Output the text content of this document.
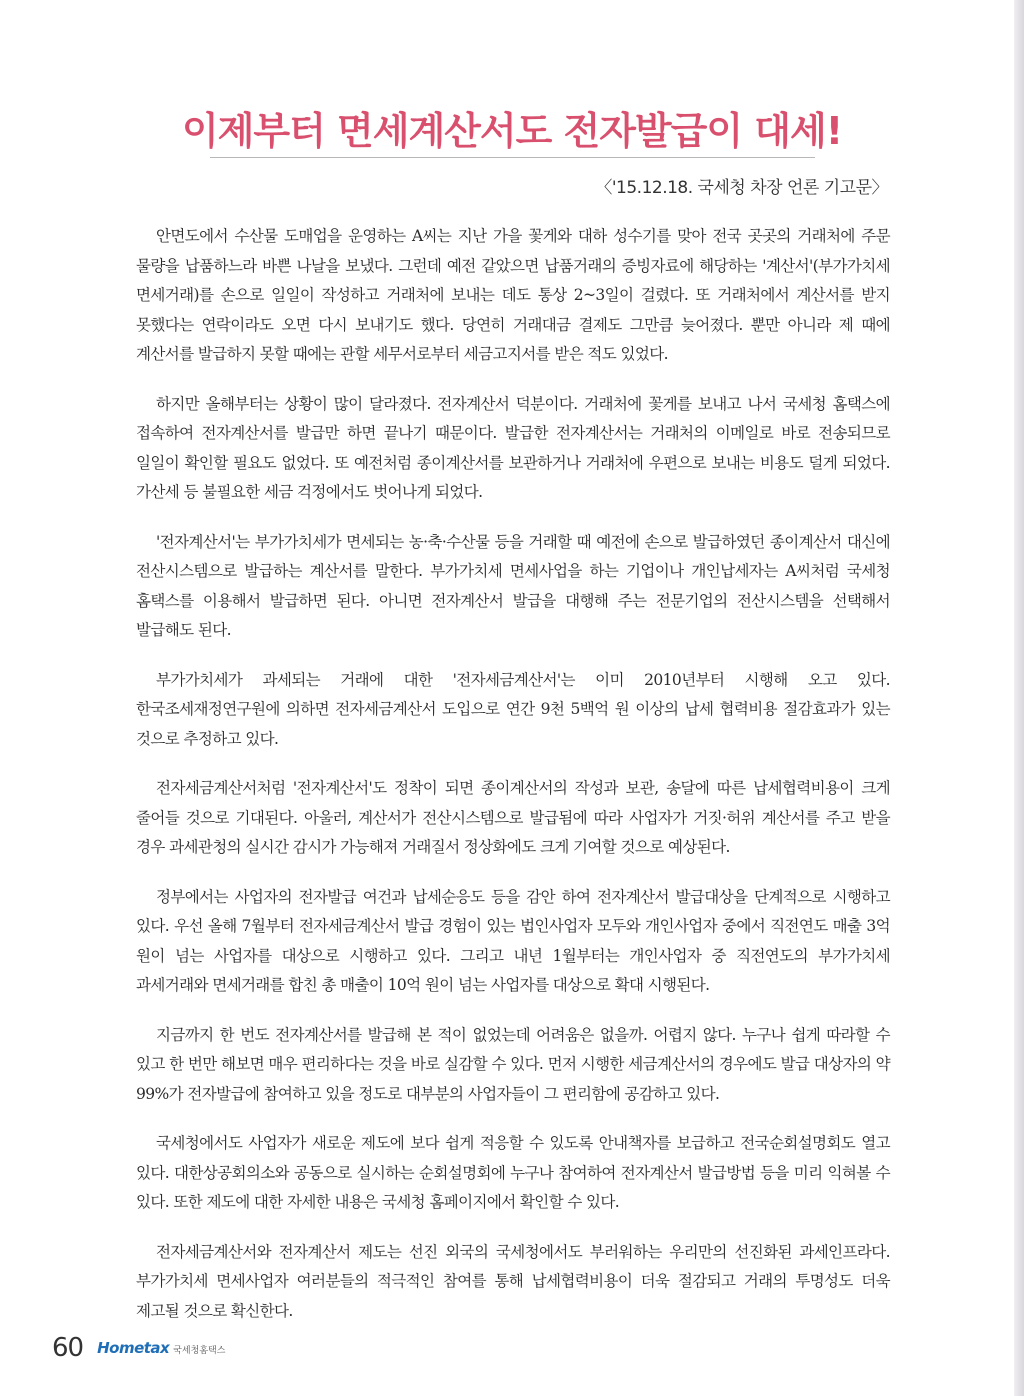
이제부터 면세계산서도 전자발급이 대세!
〈'15.12.18. 국세청 차장 언론 기고문〉

안면도에서 수산물 도매업을 운영하는 A씨는 지난 가을 꽃게와 대하 성수기를 맞아 전국 곳곳의 거래처에 주문 물량을 납품하느라 바쁜 나날을 보냈다. 그런데 예전 같았으면 납품거래의 증빙자료에 해당하는 '계산서'(부가가치세 면세거래)를 손으로 일일이 작성하고 거래처에 보내는 데도 통상 2~3일이 걸렸다. 또 거래처에서 계산서를 받지 못했다는 연락이라도 오면 다시 보내기도 했다. 당연히 거래대금 결제도 그만큼 늦어졌다. 뿐만 아니라 제 때에 계산서를 발급하지 못할 때에는 관할 세무서로부터 세금고지서를 받은 적도 있었다.

하지만 올해부터는 상황이 많이 달라졌다. 전자계산서 덕분이다. 거래처에 꽃게를 보내고 나서 국세청 홈택스에 접속하여 전자계산서를 발급만 하면 끝나기 때문이다. 발급한 전자계산서는 거래처의 이메일로 바로 전송되므로 일일이 확인할 필요도 없었다. 또 예전처럼 종이계산서를 보관하거나 거래처에 우편으로 보내는 비용도 덜게 되었다. 가산세 등 불필요한 세금 걱정에서도 벗어나게 되었다.

'전자계산서'는 부가가치세가 면세되는 농·축·수산물 등을 거래할 때 예전에 손으로 발급하였던 종이계산서 대신에 전산시스템으로 발급하는 계산서를 말한다. 부가가치세 면세사업을 하는 기업이나 개인납세자는 A씨처럼 국세청 홈택스를 이용해서 발급하면 된다. 아니면 전자계산서 발급을 대행해 주는 전문기업의 전산시스템을 선택해서 발급해도 된다.

부가가치세가 과세되는 거래에 대한 '전자세금계산서'는 이미 2010년부터 시행해 오고 있다. 한국조세재정연구원에 의하면 전자세금계산서 도입으로 연간 9천 5백억 원 이상의 납세 협력비용 절감효과가 있는 것으로 추정하고 있다.

전자세금계산서처럼 '전자계산서'도 정착이 되면 종이계산서의 작성과 보관, 송달에 따른 납세협력비용이 크게 줄어들 것으로 기대된다. 아울러, 계산서가 전산시스템으로 발급됨에 따라 사업자가 거짓·허위 계산서를 주고 받을 경우 과세관청의 실시간 감시가 가능해져 거래질서 정상화에도 크게 기여할 것으로 예상된다.

정부에서는 사업자의 전자발급 여건과 납세순응도 등을 감안 하여 전자계산서 발급대상을 단계적으로 시행하고 있다. 우선 올해 7월부터 전자세금계산서 발급 경험이 있는 법인사업자 모두와 개인사업자 중에서 직전연도 매출 3억 원이 넘는 사업자를 대상으로 시행하고 있다. 그리고 내년 1월부터는 개인사업자 중 직전연도의 부가가치세 과세거래와 면세거래를 합친 총 매출이 10억 원이 넘는 사업자를 대상으로 확대 시행된다.

지금까지 한 번도 전자계산서를 발급해 본 적이 없었는데 어려움은 없을까. 어렵지 않다. 누구나 쉽게 따라할 수 있고 한 번만 해보면 매우 편리하다는 것을 바로 실감할 수 있다. 먼저 시행한 세금계산서의 경우에도 발급 대상자의 약 99%가 전자발급에 참여하고 있을 정도로 대부분의 사업자들이 그 편리함에 공감하고 있다.

국세청에서도 사업자가 새로운 제도에 보다 쉽게 적응할 수 있도록 안내책자를 보급하고 전국순회설명회도 열고 있다. 대한상공회의소와 공동으로 실시하는 순회설명회에 누구나 참여하여 전자계산서 발급방법 등을 미리 익혀볼 수 있다. 또한 제도에 대한 자세한 내용은 국세청 홈페이지에서 확인할 수 있다.

전자세금계산서와 전자계산서 제도는 선진 외국의 국세청에서도 부러워하는 우리만의 선진화된 과세인프라다. 부가가치세 면세사업자 여러분들의 적극적인 참여를 통해 납세협력비용이 더욱 절감되고 거래의 투명성도 더욱 제고될 것으로 확신한다.

60 Hometax 국세청홈택스
